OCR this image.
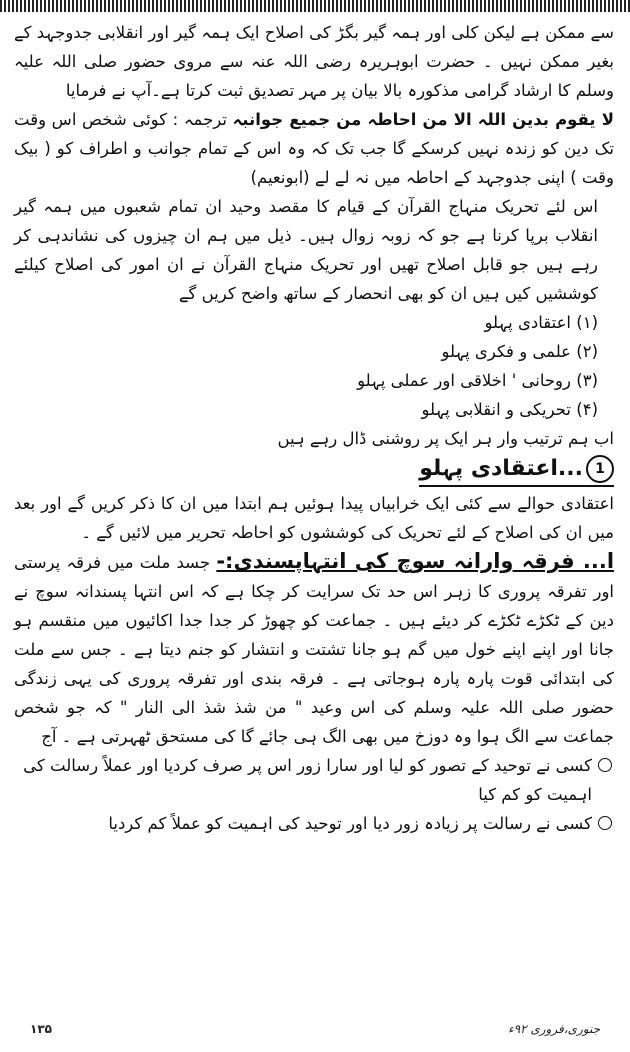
سے ممکن ہے لیکن کلی اور ہمہ گیر بگڑ کی اصلاح ایک ہمہ گیر اور انقلابی جدوجہد کے بغیر ممکن نہیں ۔ حضرت ابوہریرہ رضی اللہ عنہ سے مروی حضور صلی اللہ علیہ وسلم کا ارشاد گرامی مذکورہ بالا بیان پر مہر تصدیق ثبت کرتا ہے۔آپ نے فرمایا

لا یقوم بدین اللہ الا من احاطہ من جمیع جوانبہ ترجمہ : کوئی شخص اس وقت تک دین کو زندہ نہیں کرسکے گا جب تک کہ وہ اس کے تمام جوانب و اطراف کو ( بیک وقت ) اپنی جدوجہد کے احاطہ میں نہ لے لے (ابونعیم)

اس لئے تحریک منہاج القرآن کے قیام کا مقصد وحید ان تمام شعبوں میں ہمہ گیر انقلاب برپا کرنا ہے جو کہ زوبہ زوال ہیں۔ ذیل میں ہم ان چیزوں کی نشاندہی کر رہے ہیں جو قابل اصلاح تھیں اور تحریک منہاج القرآن نے ان امور کی اصلاح کیلئے کوششیں کیں ہیں ان کو بھی انحصار کے ساتھ واضح کریں گے

(۱) اعتقادی پہلو
(۲) علمی و فکری پہلو
(۳) روحانی ' اخلاقی اور عملی پہلو
(۴) تحریکی و انقلابی پہلو

اب ہم ترتیب وار ہر ایک پر روشنی ڈال رہے ہیں

1...اعتقادی پہلو

اعتقادی حوالے سے کئی ایک خرابیاں پیدا ہوئیں ہم ابتدا میں ان کا ذکر کریں گے اور بعد میں ان کی اصلاح کے لئے تحریک کی کوششوں کو احاطہ تحریر میں لائیں گے ۔

ا... فرقہ وارانہ سوچ کی انتہاپسندی:- جسد ملت میں فرقہ پرستی اور تفرقہ پروری کا زہر اس حد تک سرایت کر چکا ہے کہ اس انتہا پسندانہ سوچ نے دین کے ٹکڑے ٹکڑے کر دیئے ہیں ۔ جماعت کو چھوڑ کر جدا جدا اکائیوں میں منقسم ہو جانا اور اپنے اپنے خول میں گم ہو جانا تشتت و انتشار کو جنم دیتا ہے ۔ جس سے ملت کی ابتدائی قوت پارہ پارہ ہوجاتی ہے ۔ فرقہ بندی اور تفرقہ پروری کی یہی زندگی حضور صلی اللہ علیہ وسلم کی اس وعید " من شذ شذ الی النار " کہ جو شخص جماعت سے الگ ہوا وہ دوزخ میں بھی الگ ہی جائے گا کی مستحق ٹھہرتی ہے ۔ آج

کسی نے توحید کے تصور کو لیا اور سارا زور اس پر صرف کردیا اور عملاً رسالت کی اہمیت کو کم کیا
کسی نے رسالت پر زیادہ زور دیا اور توحید کی اہمیت کو عملاً کم کردیا
۱۳۵	جنوری،فروری ۹۲ء
